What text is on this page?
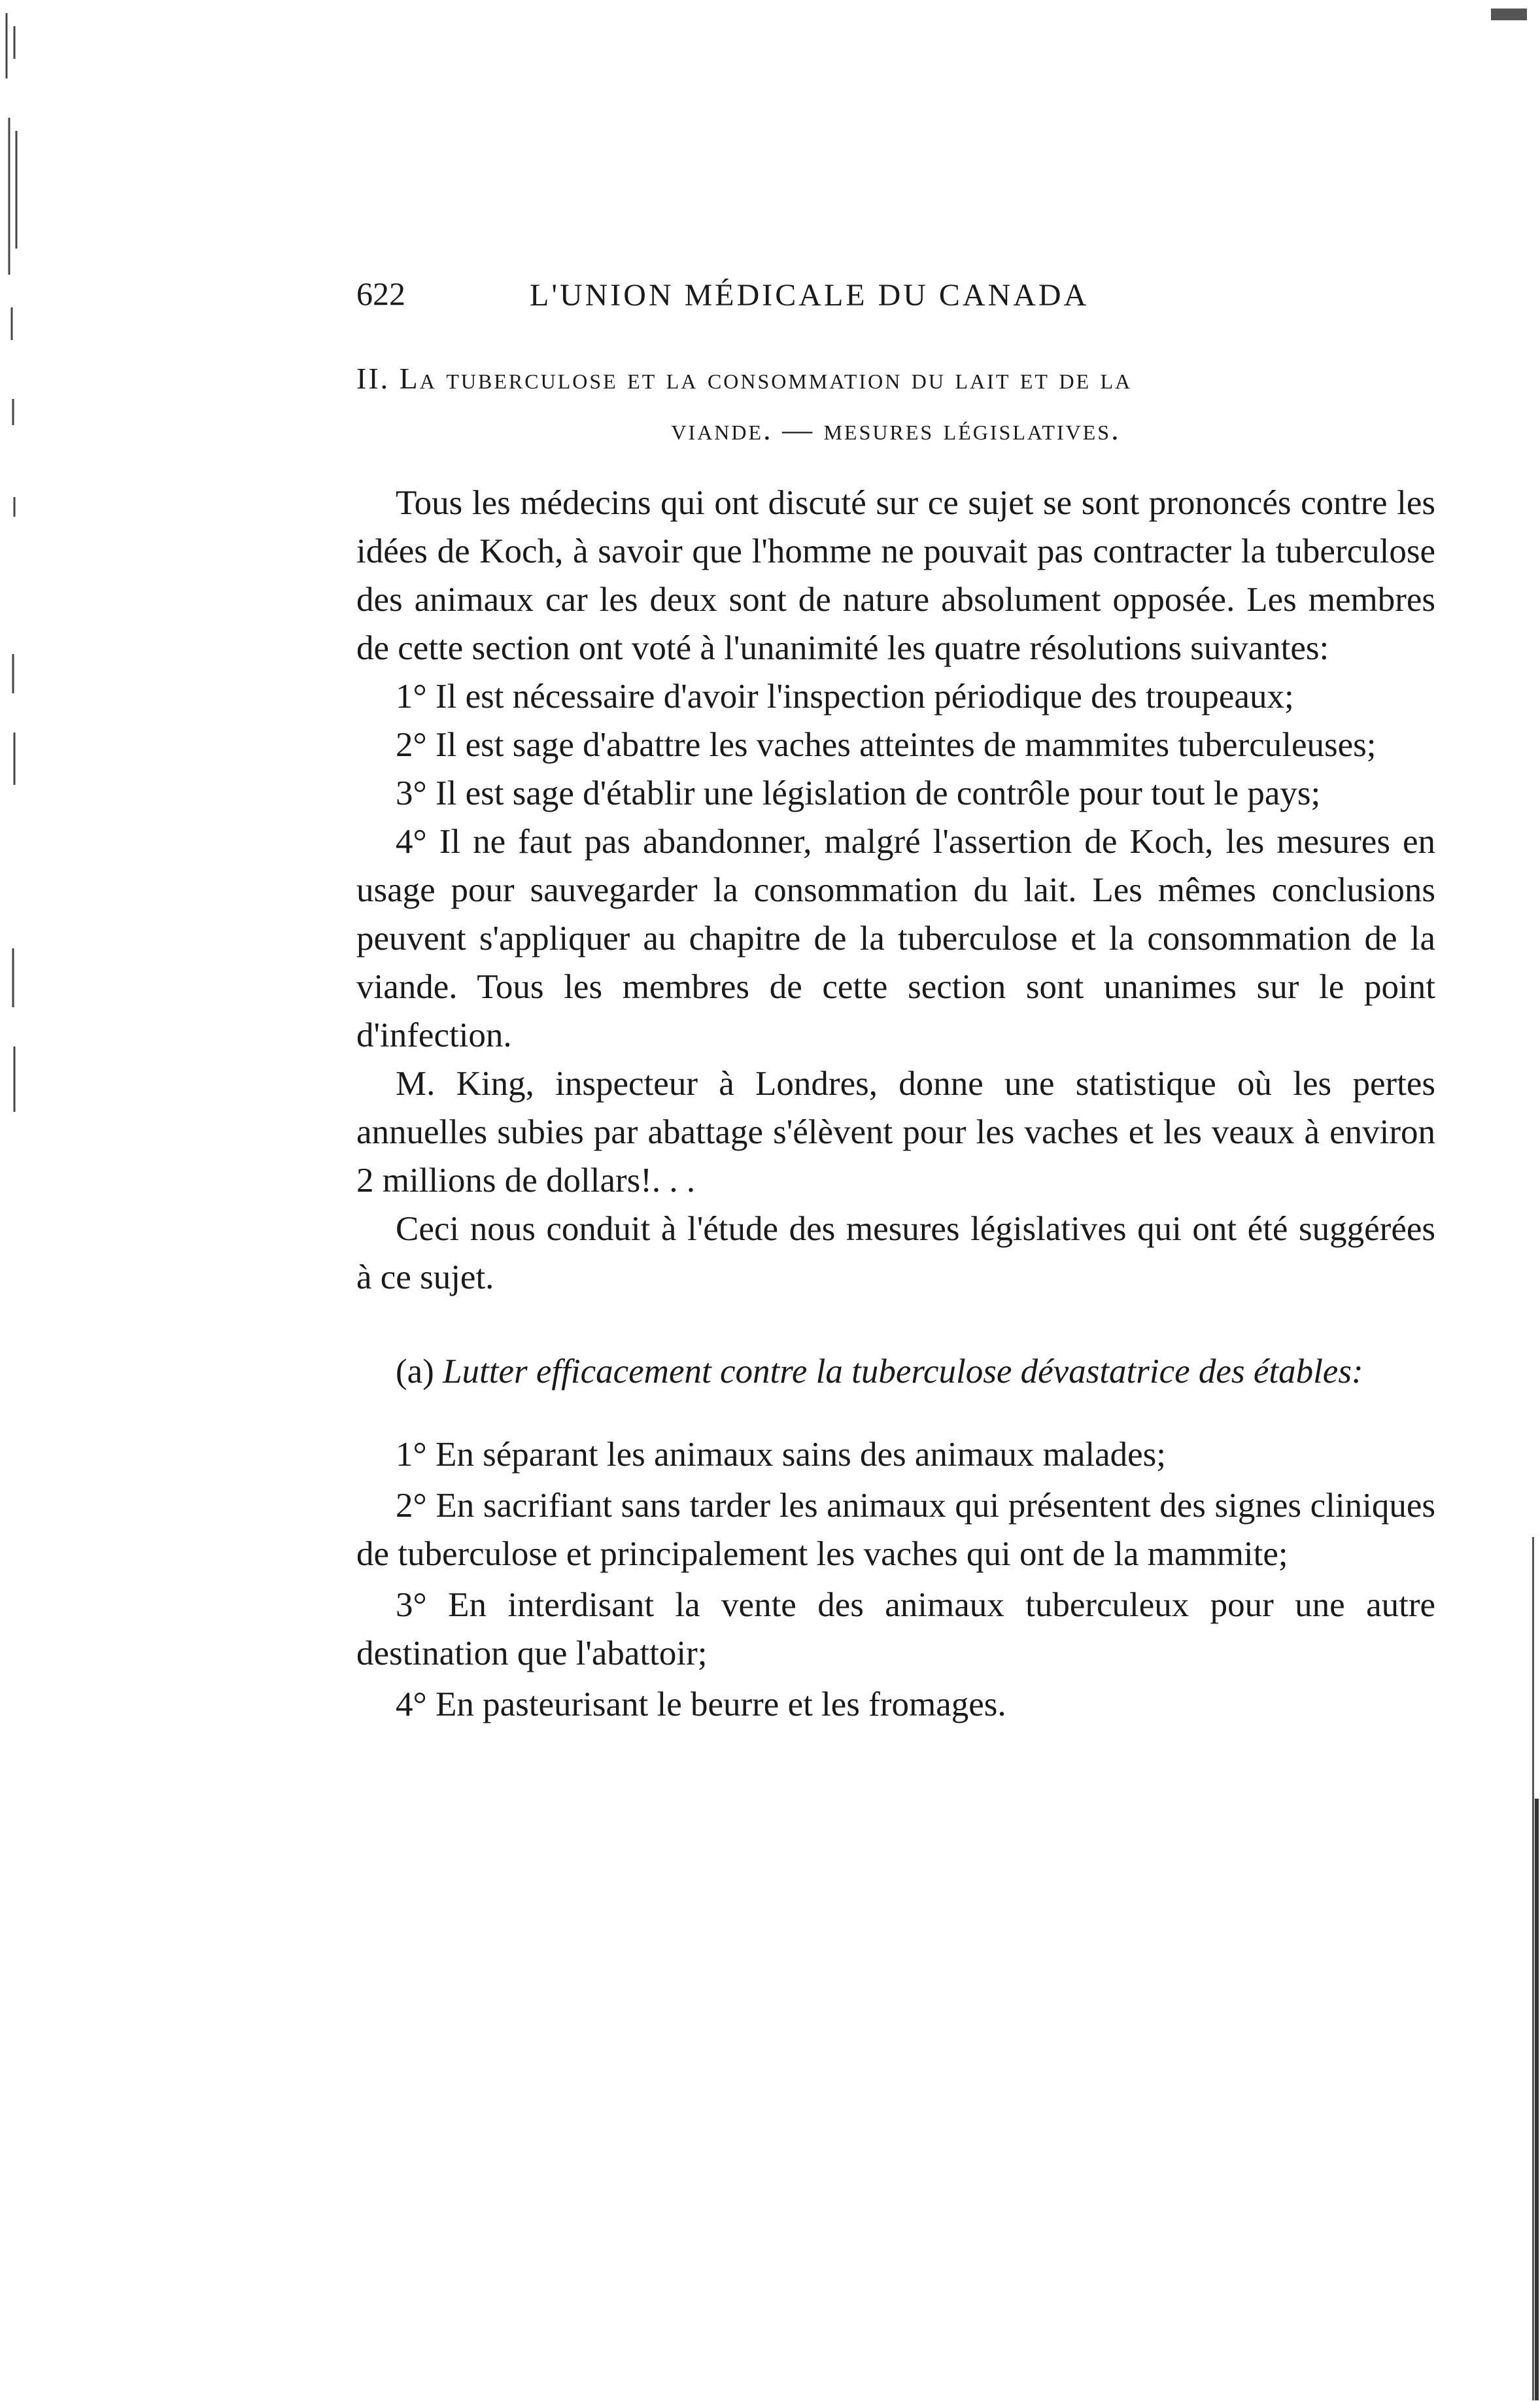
622	L'UNION MÉDICALE DU CANADA
II. La tuberculose et la consommation du lait et de la
viande. — mesures législatives.

Tous les médecins qui ont discuté sur ce sujet se sont prononcés contre les idées de Koch, à savoir que l'homme ne pouvait pas contracter la tuberculose des animaux car les deux sont de nature absolument opposée. Les membres de cette section ont voté à l'unanimité les quatre résolutions suivantes:

1° Il est nécessaire d'avoir l'inspection périodique des troupeaux;

2° Il est sage d'abattre les vaches atteintes de mammites tuberculeuses;

3° Il est sage d'établir une législation de contrôle pour tout le pays;

4° Il ne faut pas abandonner, malgré l'assertion de Koch, les mesures en usage pour sauvegarder la consommation du lait. Les mêmes conclusions peuvent s'appliquer au chapitre de la tuberculose et la consommation de la viande. Tous les membres de cette section sont unanimes sur le point d'infection.

M. King, inspecteur à Londres, donne une statistique où les pertes annuelles subies par abattage s'élèvent pour les vaches et les veaux à environ 2 millions de dollars!. . .

Ceci nous conduit à l'étude des mesures législatives qui ont été suggérées à ce sujet.

(a) Lutter efficacement contre la tuberculose dévastatrice des étables:

1° En séparant les animaux sains des animaux malades;

2° En sacrifiant sans tarder les animaux qui présentent des signes cliniques de tuberculose et principalement les vaches qui ont de la mammite;

3° En interdisant la vente des animaux tuberculeux pour une autre destination que l'abattoir;

4° En pasteurisant le beurre et les fromages.
